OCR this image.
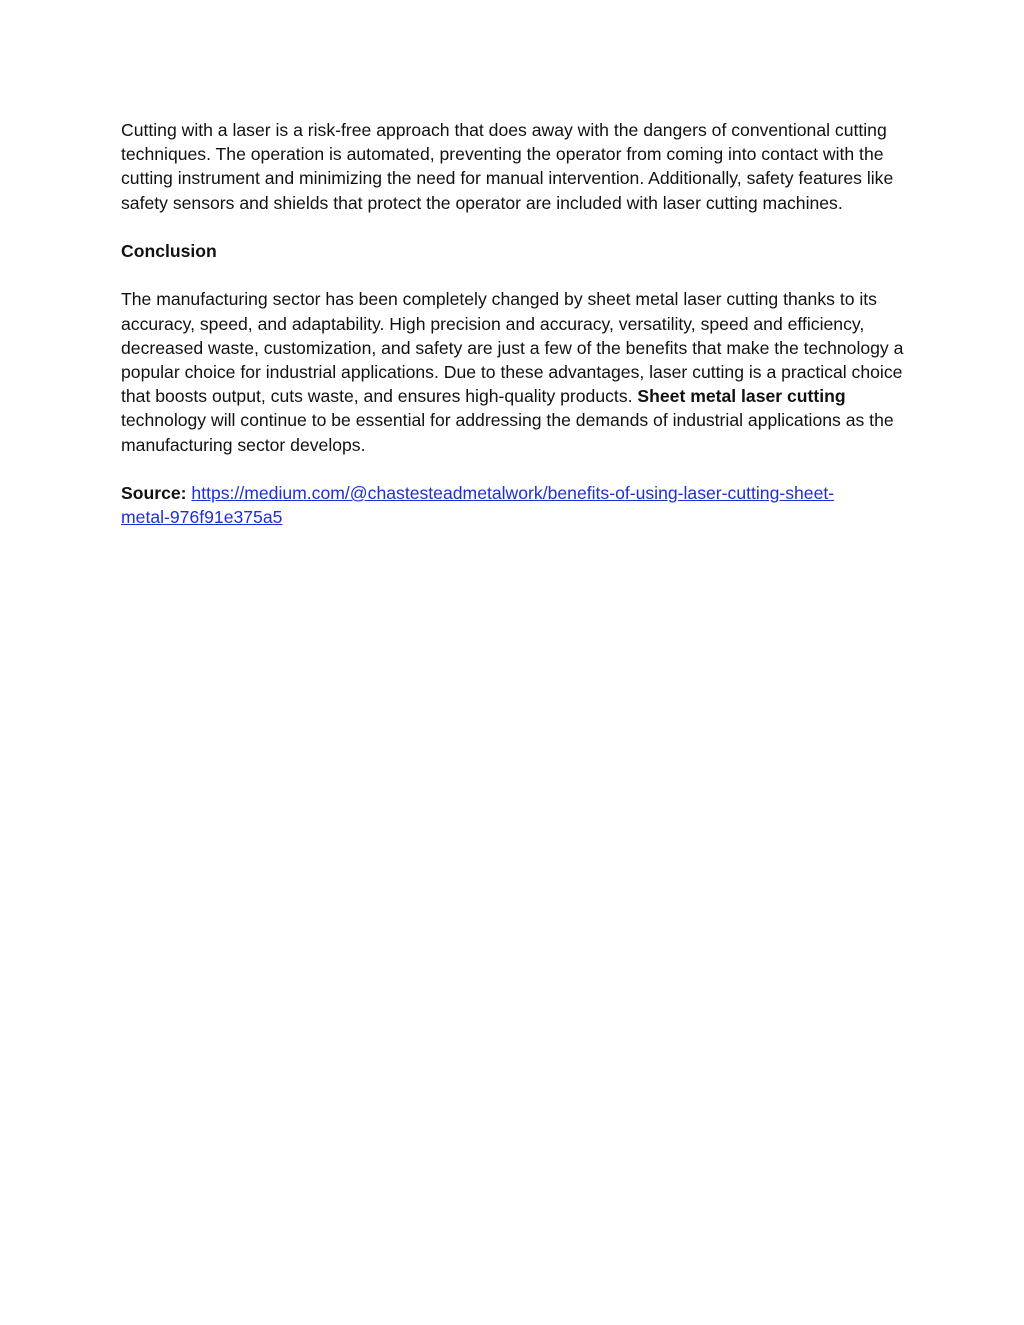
Cutting with a laser is a risk-free approach that does away with the dangers of conventional cutting techniques. The operation is automated, preventing the operator from coming into contact with the cutting instrument and minimizing the need for manual intervention. Additionally, safety features like safety sensors and shields that protect the operator are included with laser cutting machines.

Conclusion

The manufacturing sector has been completely changed by sheet metal laser cutting thanks to its accuracy, speed, and adaptability. High precision and accuracy, versatility, speed and efficiency, decreased waste, customization, and safety are just a few of the benefits that make the technology a popular choice for industrial applications. Due to these advantages, laser cutting is a practical choice that boosts output, cuts waste, and ensures high-quality products. Sheet metal laser cutting technology will continue to be essential for addressing the demands of industrial applications as the manufacturing sector develops.

Source: https://medium.com/@chastesteadmetalwork/benefits-of-using-laser-cutting-sheet-
metal-976f91e375a5
